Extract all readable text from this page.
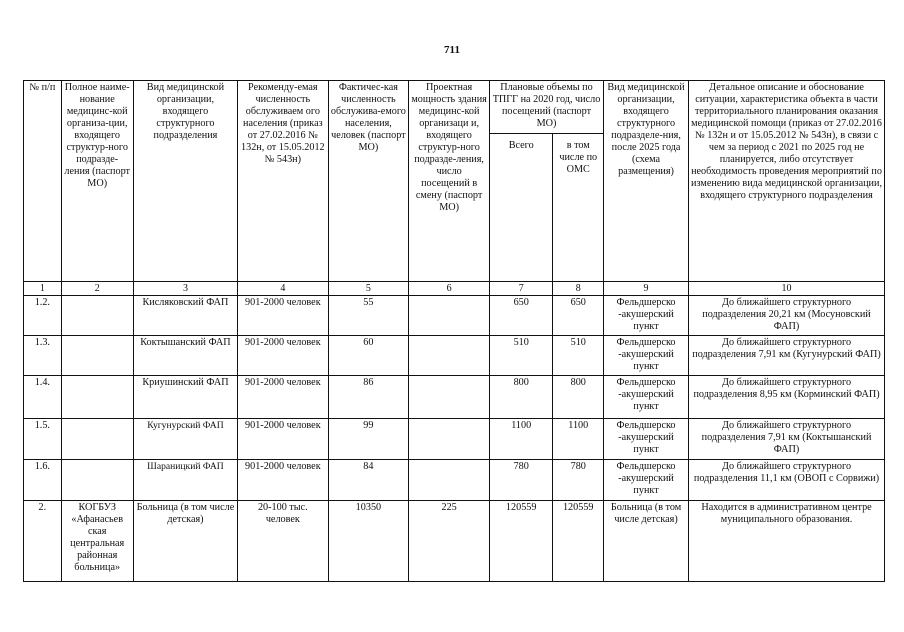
711
№ п/п	Полное наиме-нование медицинс-кой организа-ции, входящего структур-ного подразде-ления (паспорт МО)	Вид медицинской организации, входящего структурного подразделения	Рекоменду-емая численность обслуживаем ого населения (приказ от 27.02.2016 № 132н, от 15.05.2012 № 543н)	Фактичес-кая численность обслужива-емого населения, человек (паспорт МО)	Проектная мощность здания медицинс-кой организаци и, входящего структур-ного подразде-ления, число посещений в смену (паспорт МО)	Плановые объемы по ТПГГ на 2020 год, число посещений (паспорт МО)		Вид медицинской организации, входящего структурного подразделе-ния, после 2025 года (схема размещения)	Детальное описание и обоснование ситуации, характеристика объекта в части территориального планирования оказания медицинской помощи (приказ от 27.02.2016 № 132н и от 15.05.2012 № 543н), в связи с чем за период с 2021 по 2025 год не планируется, либо отсутствует необходимость проведения мероприятий по изменению вида медицинской организации, входящего структурного подразделения
						Всего	в том числе по ОМС		
1	2	3	4	5	6	7	8	9	10
1.2.		Кисляковский ФАП	901-2000 человек	55		650	650	Фельдшерско -акушерский пункт	До ближайшего структурного подразделения 20,21 км (Мосуновский ФАП)
1.3.		Коктышанский ФАП	901-2000 человек	60		510	510	Фельдшерско -акушерский пункт	До ближайшего структурного подразделения 7,91 км (Кугунурский ФАП)
1.4.		Криушинский ФАП	901-2000 человек	86		800	800	Фельдшерско -акушерский пункт	До ближайшего структурного подразделения 8,95 км (Корминский ФАП)
1.5.		Кугунурский ФАП	901-2000 человек	99		1100	1100	Фельдшерско -акушерский пункт	До ближайшего структурного подразделения 7,91 км (Коктышанский ФАП)
1.6.		Шараницкий ФАП	901-2000 человек	84		780	780	Фельдшерско -акушерский пункт	До ближайшего структурного подразделения 11,1 км (ОВОП с Сорвижи)
2.	КОГБУЗ «Афанасьев ская центральная районная больница»	Больница (в том числе детская)	20-100 тыс. человек	10350	225	120559	120559	Больница (в том числе детская)	Находится в административном центре муниципального образования.
